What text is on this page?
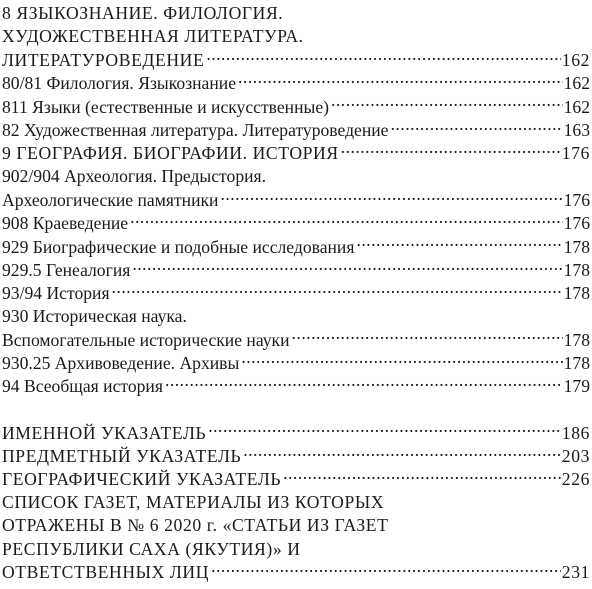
8 ЯЗЫКОЗНАНИЕ. ФИЛОЛОГИЯ.
ХУДОЖЕСТВЕННАЯ ЛИТЕРАТУРА.
ЛИТЕРАТУРОВЕДЕНИЕ .....	162
80/81 Филология. Языкознание .....	162
811 Языки (естественные и искусственные) .....	162
82 Художественная литература. Литературоведение .....	163
9 ГЕОГРАФИЯ. БИОГРАФИИ. ИСТОРИЯ .....	176
902/904 Археология. Предыстория.
Археологические памятники .....	176
908 Краеведение .....	176
929 Биографические и подобные исследования .....	178
929.5 Генеалогия .....	178
93/94 История .....	178
930 Историческая наука.
Вспомогательные исторические науки .....	178
930.25 Архивоведение. Архивы .....	178
94 Всеобщая история .....	179
ИМЕННОЙ УКАЗАТЕЛЬ .....	186
ПРЕДМЕТНЫЙ УКАЗАТЕЛЬ .....	203
ГЕОГРАФИЧЕСКИЙ УКАЗАТЕЛЬ .....	226
СПИСОК ГАЗЕТ, МАТЕРИАЛЫ ИЗ КОТОРЫХ
ОТРАЖЕНЫ В № 6 2020 г. «СТАТЬИ ИЗ ГАЗЕТ
РЕСПУБЛИКИ САХА (ЯКУТИЯ)» И
ОТВЕТСТВЕННЫХ ЛИЦ .....	231
